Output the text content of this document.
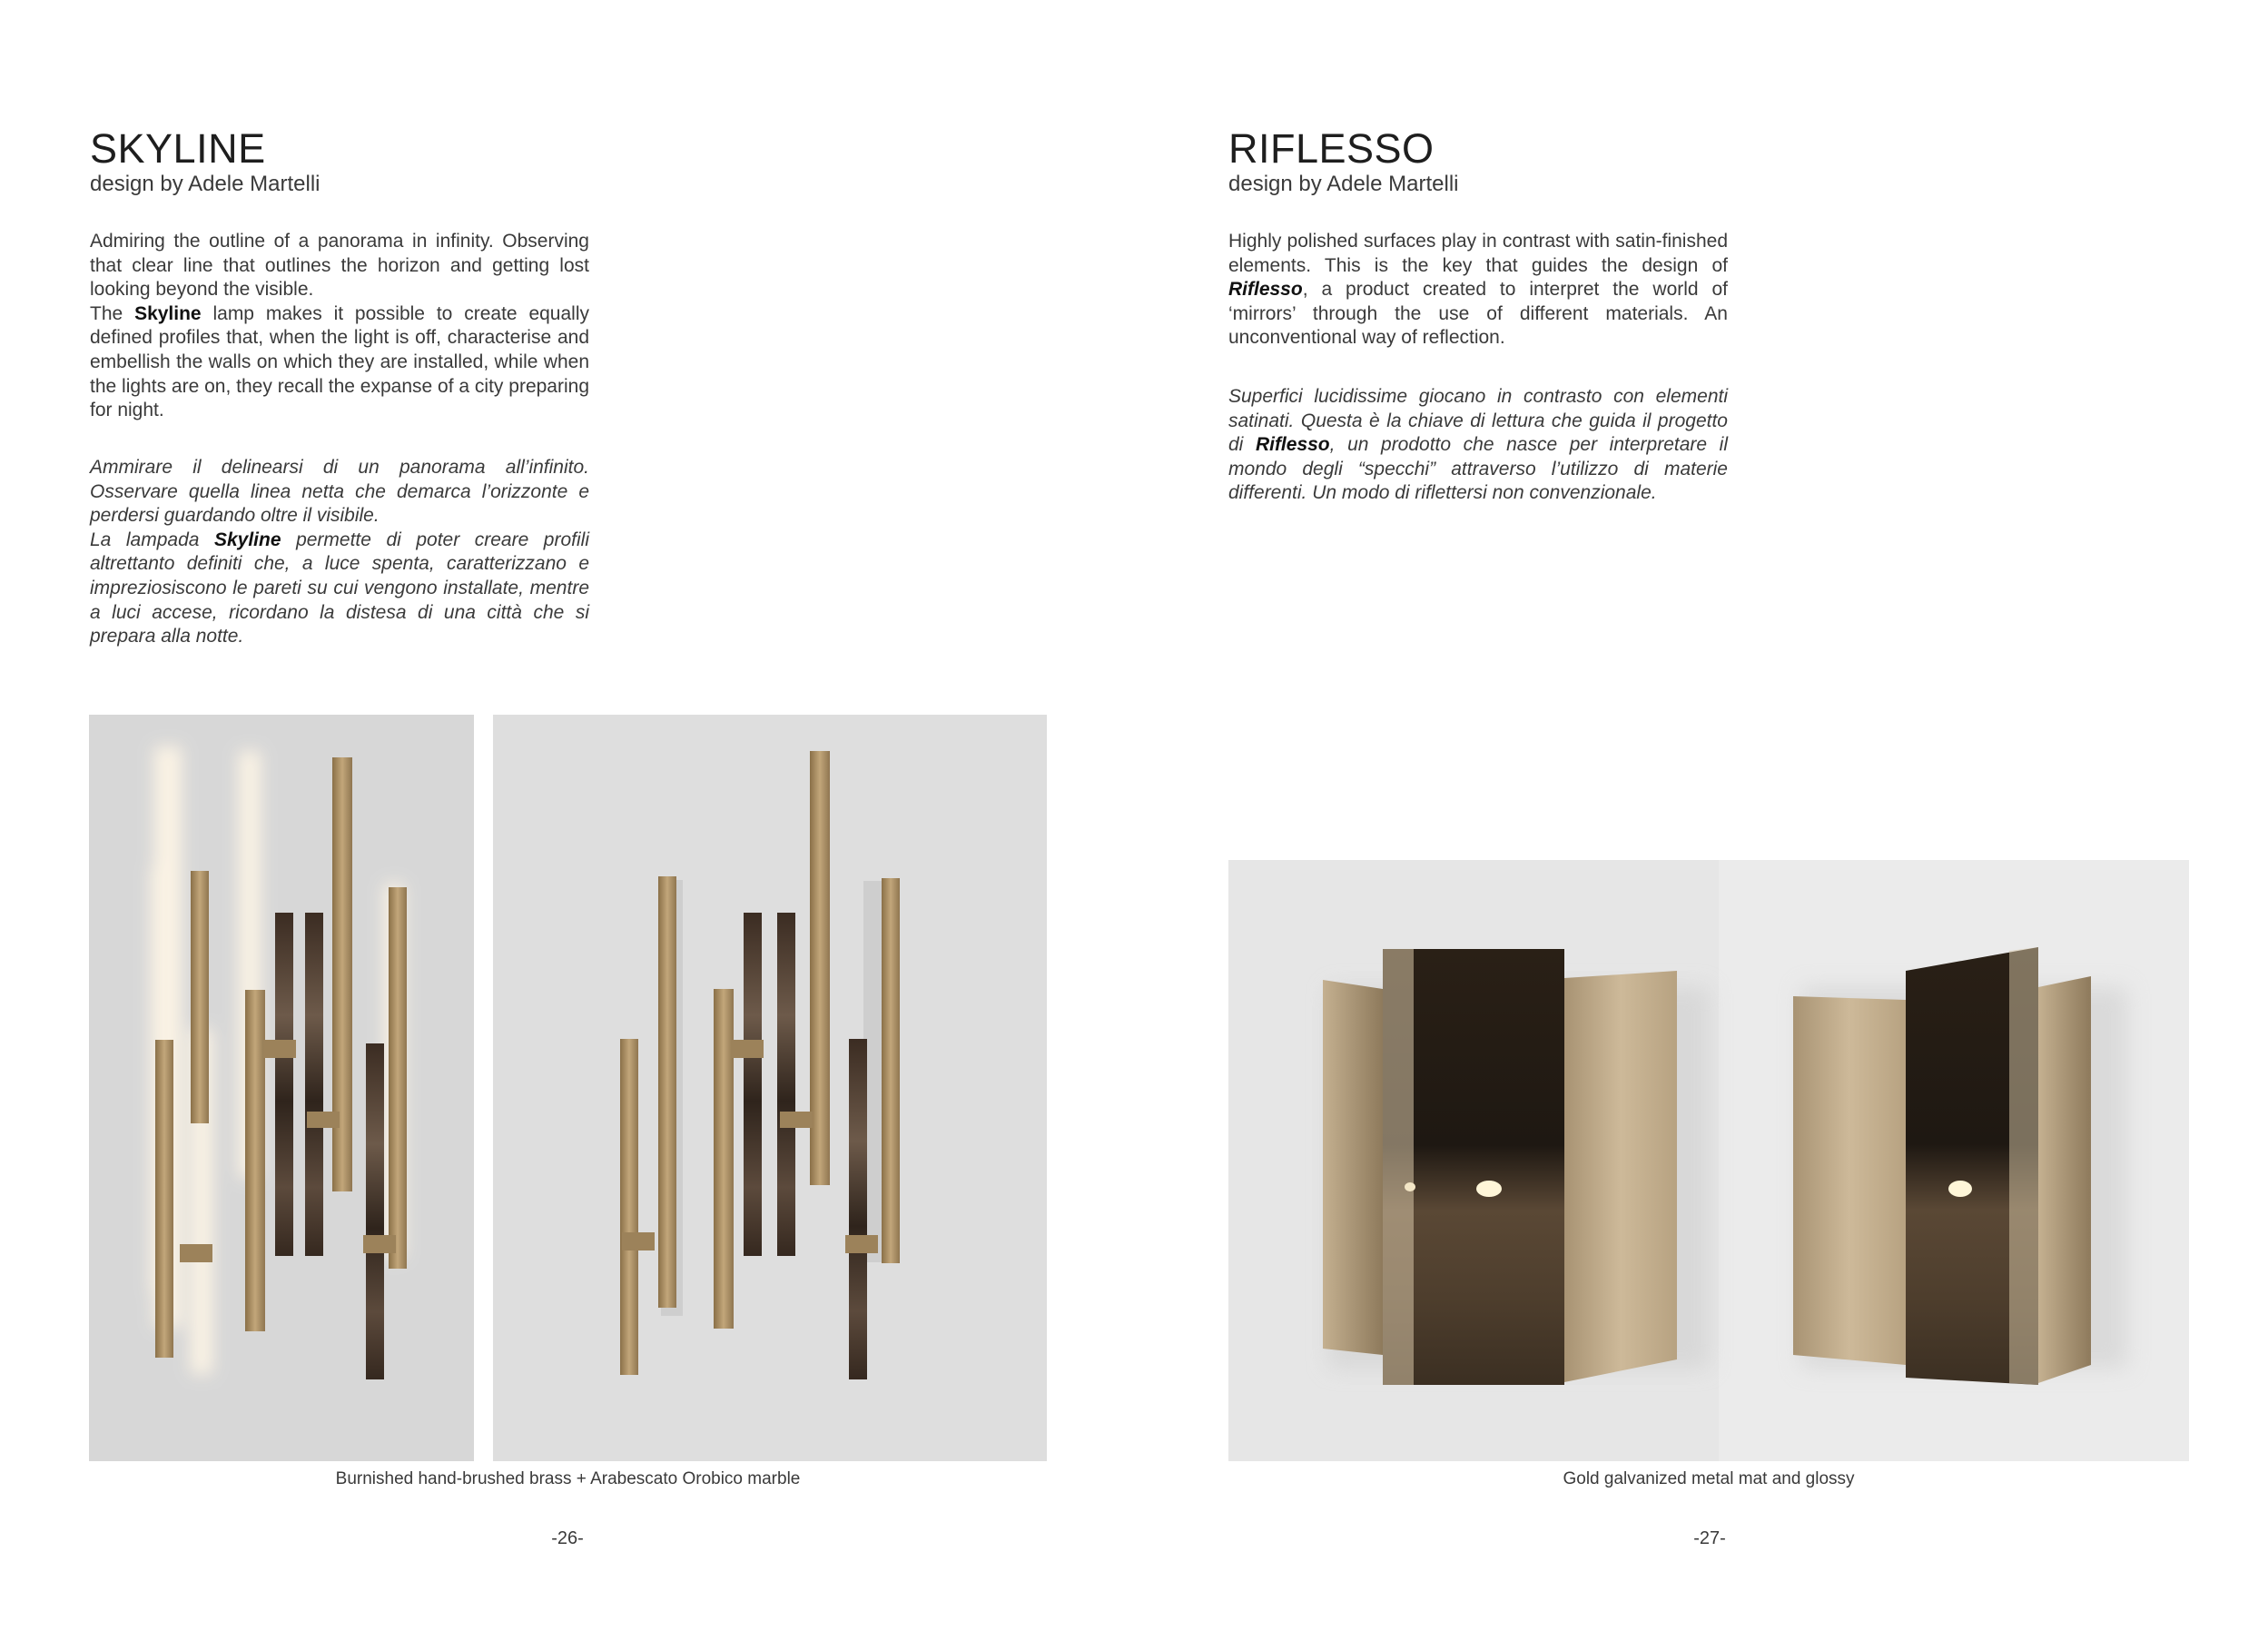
SKYLINE

design by Adele Martelli

Admiring the outline of a panorama in infinity. Observing that clear line that outlines the horizon and getting lost looking beyond the visible.
The Skyline lamp makes it possible to create equally defined profiles that, when the light is off, characterise and embellish the walls on which they are installed, while when the lights are on, they recall the expanse of a city preparing for night.
Ammirare il delinearsi di un panorama all’infinito. Osservare quella linea netta che demarca l’orizzonte e perdersi guardando oltre il visibile.
La lampada Skyline permette di poter creare profili altrettanto definiti che, a luce spenta, caratterizzano e impreziosiscono le pareti su cui vengono installate, mentre a luci accese, ricordano la distesa di una città che si prepara alla notte.
Burnished hand-brushed brass + Arabescato Orobico marble
-26-
RIFLESSO

design by Adele Martelli

Highly polished surfaces play in contrast with satin-finished elements. This is the key that guides the design of Riflesso, a product created to interpret the world of ‘mirrors’ through the use of different materials. An unconventional way of reflection.
Superfici lucidissime giocano in contrasto con elementi satinati. Questa è la chiave di lettura che guida il progetto di Riflesso, un prodotto che nasce per interpretare il mondo degli “specchi” attraverso l’utilizzo di materie differenti. Un modo di riflettersi non convenzionale.
Gold galvanized metal mat and glossy
-27-
